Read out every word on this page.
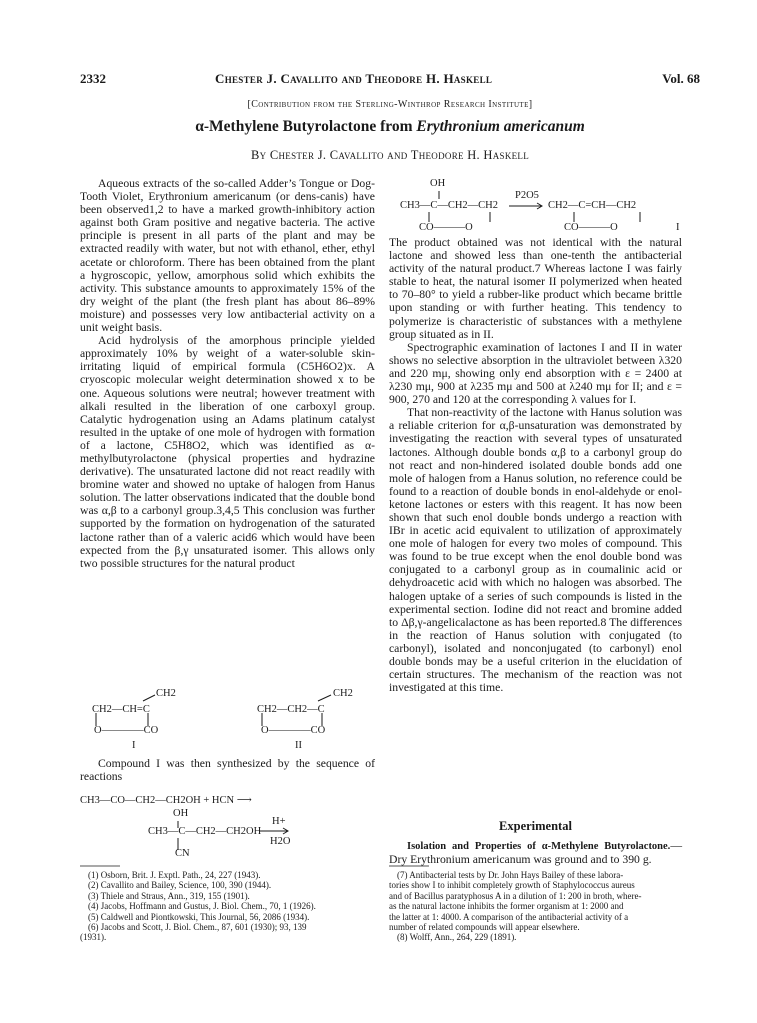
2332	Chester J. Cavallito and Theodore H. Haskell	Vol. 68
[Contribution from the Sterling-Winthrop Research Institute]
α-Methylene Butyrolactone from Erythronium americanum
By Chester J. Cavallito and Theodore H. Haskell

Aqueous extracts of the so-called Adder’s Tongue or Dog-Tooth Violet, Erythronium americanum (or dens-canis) have been observed1,2 to have a marked growth-inhibitory action against both Gram positive and negative bacteria. The active principle is present in all parts of the plant and may be extracted readily with water, but not with ethanol, ether, ethyl acetate or chloroform. There has been obtained from the plant a hygroscopic, yellow, amorphous solid which exhibits the activity. This substance amounts to approximately 15% of the dry weight of the plant (the fresh plant has about 86–89% moisture) and possesses very low antibacterial activity on a unit weight basis.

Acid hydrolysis of the amorphous principle yielded approximately 10% by weight of a water-soluble skin-irritating liquid of empirical formula (C5H6O2)x. A cryoscopic molecular weight determination showed x to be one. Aqueous solutions were neutral; however treatment with alkali resulted in the liberation of one carboxyl group. Catalytic hydrogenation using an Adams platinum catalyst resulted in the uptake of one mole of hydrogen with formation of a lactone, C5H8O2, which was identified as α-methylbutyrolactone (physical properties and hydrazine derivative). The unsaturated lactone did not react readily with bromine water and showed no uptake of halogen from Hanus solution. The latter observations indicated that the double bond was α,β to a carbonyl group.3,4,5 This conclusion was further supported by the formation on hydrogenation of the saturated lactone rather than of a valeric acid6 which would have been expected from the β,γ unsaturated isomer. This allows only two possible structures for the natural product

CH2
CH2—CH=C
O————CO
I
CH2
CH2—CH2—C
O————CO
II

Compound I was then synthesized by the sequence of reactions

CH3—CO—CH2—CH2OH + HCN ⟶
OH
CH3—C—CH2—CH2OH
H+
H2O
CN
OH
CH3—C—CH2—CH2
CO———O
P2O5
CH2—C=CH—CH2
CO———O	I

The product obtained was not identical with the natural lactone and showed less than one-tenth the antibacterial activity of the natural product.7 Whereas lactone I was fairly stable to heat, the natural isomer II polymerized when heated to 70–80° to yield a rubber-like product which became brittle upon standing or with further heating. This tendency to polymerize is characteristic of substances with a methylene group situated as in II.

Spectrographic examination of lactones I and II in water shows no selective absorption in the ultraviolet between λ320 and 220 mμ, showing only end absorption with ε = 2400 at λ230 mμ, 900 at λ235 mμ and 500 at λ240 mμ for II; and ε = 900, 270 and 120 at the corresponding λ values for I.

That non-reactivity of the lactone with Hanus solution was a reliable criterion for α,β-unsaturation was demonstrated by investigating the reaction with several types of unsaturated lactones. Although double bonds α,β to a carbonyl group do not react and non-hindered isolated double bonds add one mole of halogen from a Hanus solution, no reference could be found to a reaction of double bonds in enol-aldehyde or enol-ketone lactones or esters with this reagent. It has now been shown that such enol double bonds undergo a reaction with IBr in acetic acid equivalent to utilization of approximately one mole of halogen for every two moles of compound. This was found to be true except when the enol double bond was conjugated to a carbonyl group as in coumalinic acid or dehydroacetic acid with which no halogen was absorbed. The halogen uptake of a series of such compounds is listed in the experimental section. Iodine did not react and bromine added to Δβ,γ-angelicalactone as has been reported.8 The differences in the reaction of Hanus solution with conjugated (to carbonyl), isolated and nonconjugated (to carbonyl) enol double bonds may be a useful criterion in the elucidation of certain structures. The mechanism of the reaction was not investigated at this time.

Experimental

Isolation and Properties of α-Methylene Butyrolactone.—Dry Erythronium americanum was ground and to 390 g.

(1) Osborn, Brit. J. Exptl. Path., 24, 227 (1943).
(2) Cavallito and Bailey, Science, 100, 390 (1944).
(3) Thiele and Straus, Ann., 319, 155 (1901).
(4) Jacobs, Hoffmann and Gustus, J. Biol. Chem., 70, 1 (1926).
(5) Caldwell and Piontkowski, This Journal, 56, 2086 (1934).
(6) Jacobs and Scott, J. Biol. Chem., 87, 601 (1930); 93, 139
(1931).
(7) Antibacterial tests by Dr. John Hays Bailey of these labora-
tories show I to inhibit completely growth of Staphylococcus aureus
and of Bacillus paratyphosus A in a dilution of 1: 200 in broth, where-
as the natural lactone inhibits the former organism at 1: 2000 and
the latter at 1: 4000. A comparison of the antibacterial activity of a
number of related compounds will appear elsewhere.
(8) Wolff, Ann., 264, 229 (1891).
